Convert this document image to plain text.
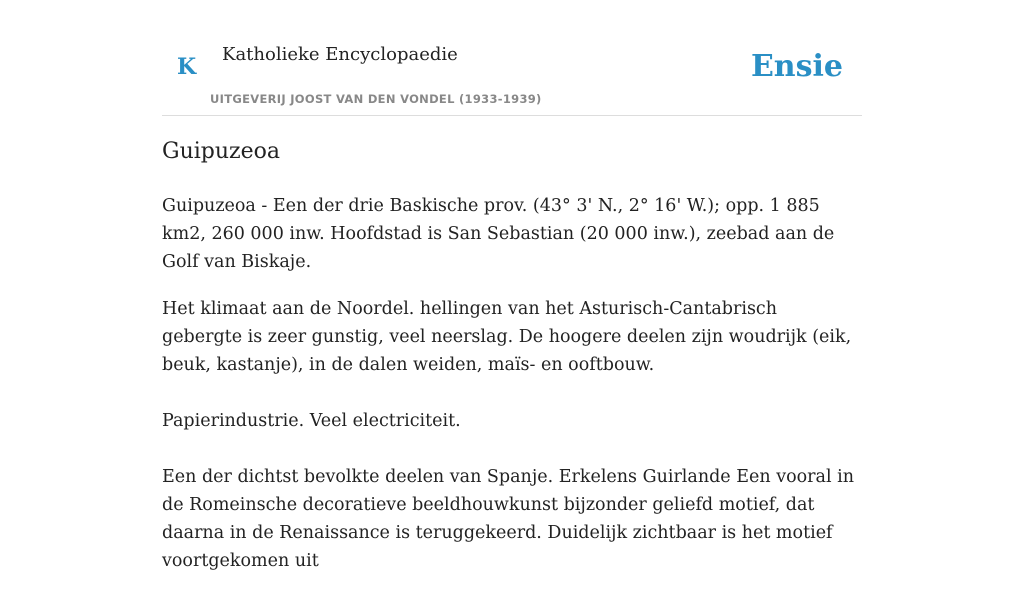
K Katholieke Encyclopaedie
UITGEVERIJ JOOST VAN DEN VONDEL (1933-1939)
Ensie
Guipuzeoa

Guipuzeoa - Een der drie Baskische prov. (43° 3' N., 2° 16' W.); opp. 1 885 km2, 260 000 inw. Hoofdstad is San Sebastian (20 000 inw.), zeebad aan de Golf van Biskaje.

Het klimaat aan de Noordel. hellingen van het Asturisch-Cantabrisch gebergte is zeer gunstig, veel neerslag. De hoogere deelen zijn woudrijk (eik, beuk, kastanje), in de dalen weiden, maïs- en ooftbouw.

Papierindustrie. Veel electriciteit.

Een der dichtst bevolkte deelen van Spanje. Erkelens Guirlande Een vooral in de Romeinsche decoratieve beeldhouwkunst bijzonder geliefd motief, dat daarna in de Renaissance is teruggekeerd. Duidelijk zichtbaar is het motief voortgekomen uit
